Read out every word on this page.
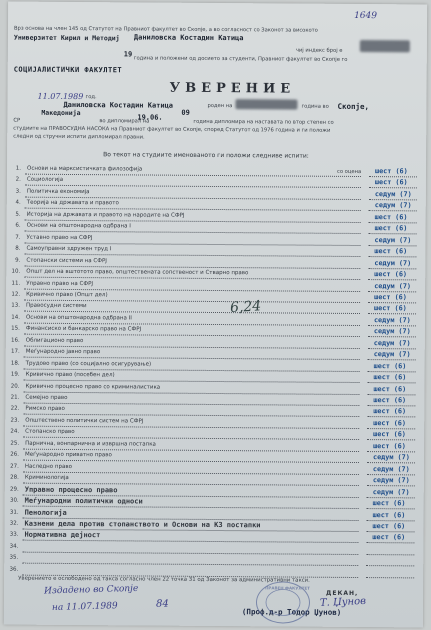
1649
Врз основа на член 145 од Статутот на Правниот факултет во Скопје, а во согласност со Законот за високото
Универзитет Кирил и Методиј Даниловска Костадин Катица
чиј индекс број е
19
година и положени од досието за студенти, Правниот факултет во Скопје го
СОЦИЈАЛИСТИЧКИ ФАКУЛТЕТ
УВЕРЕНИЕ
11.07.1989 год.
Даниловска Костадин Катица	роден на	година во Скопје,
СР
Македонија
во дипломирал на
19.06.
09
година дипломира на наставата по втор степен со
студиите на ПРАВОСУДНА НАСОКА на Правниот факултет во Скопје, според Статутот од 1976 година и ги положи
следни од стручни испити дипломирал правни.
Во текот на студиите именованото ги положи следниве испити:
1. Основи на марксистичката филозофија	со оцена шест (6)
2. Социологија	шест (6)
3. Политичка економија	седум (7)
4. Теорија на државата и правото	седум (7)
5. Историја на државата и правото на народите на СФРЈ	шест (6)
6. Основи на општонародна одбрана I	шест (6)
7. Уставно право на СФРЈ	седум (7)
8. Самоуправни здружен труд I	шест (6)
9. Стопански системи на СФРЈ	седум (7)
10. Општ дел на вштотото право, општествената сопственост и Стварно право	шест (6)
11. Управно право на СФРЈ	седум (7)
12. Кривично право (Општ дел)	шест (6)
13. Правосудни системи	шест (6)
14. Основи на општонародна одбрана II	седум (7)
15. Финансиско и банкарско право на СФРЈ	седум (7)
16. Облигационо право	седум (7)
17. Меѓународно јавно право	седум (7)
18. Трудово право (со социјално осигурување)	шест (6)
19. Кривично право (посебен дел)	шест (6)
20. Кривично процесно право со криминалистика	шест (6)
21. Семејно право	шест (6)
22. Римско право	шест (6)
23. Општествено политички систем на СФРЈ	шест (6)
24. Стопанско право	шест (6)
25. Парнична, вонпарнична и извршна постапка	шест (6)
26. Меѓународно приватно право	седум (7)
27. Наследно право	седум (7)
28. Криминологија	седум (7)
29. Управно процесно право	седум (7)
30. Меѓународни политички односи	шест (6)
31. Пенологија	шест (6)
32. Казнени дела против стопанството и Основи на КЗ постапки	шест (6)
33. Нормативна дејност	шест (6)
34.
35.
36.
6,24
Уверението е ослободено од такса согласно член 22 точка 31 од Законот за административни такси.
ДЕКАН,
Т. Џунов
(Проф.д-р Тодор Џунов)
Издадено во Скопје
на 11.07.1989	84
ПРАВЕН ФАКУЛТЕТ
